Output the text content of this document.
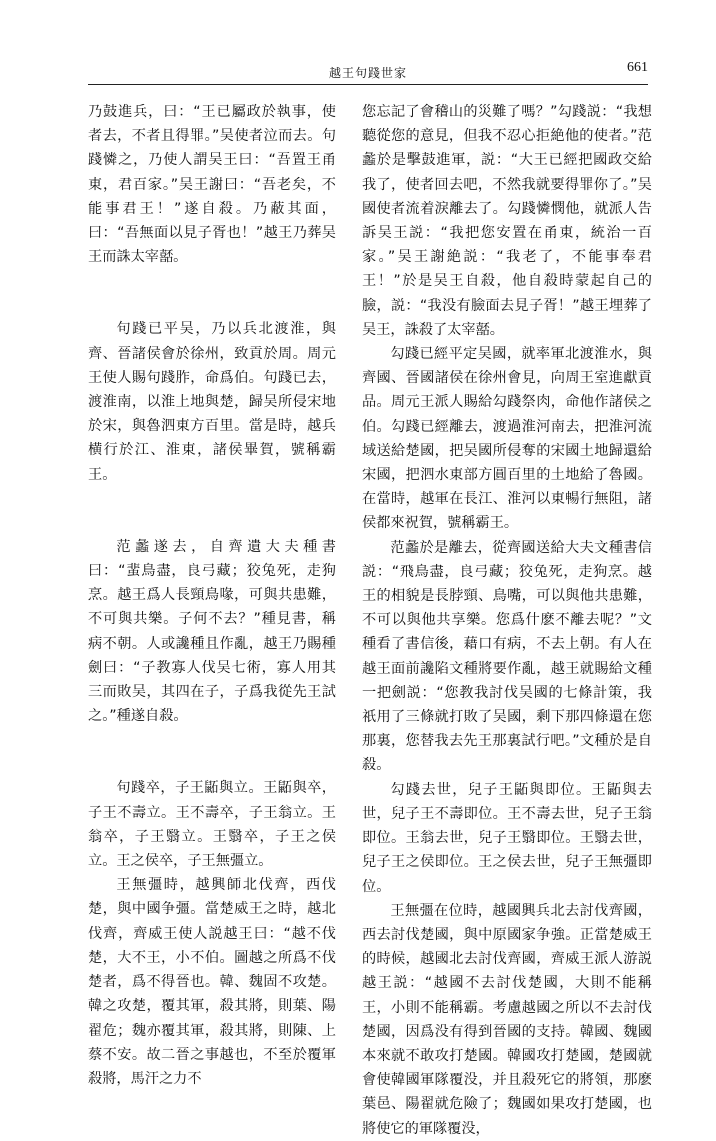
越王句踐世家	661

乃鼓進兵，曰：“王已屬政於執事，使者去，不者且得罪。”吴使者泣而去。句踐憐之，乃使人謂吴王曰：“吾置王甬東，君百家。”吴王謝曰：“吾老矣，不能事君王！”遂自殺。乃蔽其面，曰：“吾無面以見子胥也！”越王乃葬吴王而誅太宰嚭。

句踐已平吴，乃以兵北渡淮，與齊、晉諸侯會於徐州，致貢於周。周元王使人賜句踐胙，命爲伯。句踐已去，渡淮南，以淮上地與楚，歸吴所侵宋地於宋，與魯泗東方百里。當是時，越兵横行於江、淮東，諸侯畢賀，號稱霸王。

范蠡遂去，自齊遺大夫種書曰：“蜚鳥盡，良弓藏；狡兔死，走狗烹。越王爲人長頸鳥喙，可與共患難，不可與共樂。子何不去？”種見書，稱病不朝。人或讒種且作亂，越王乃賜種劍曰：“子教寡人伐吴七術，寡人用其三而敗吴，其四在子，子爲我從先王試之。”種遂自殺。

句踐卒，子王鼫與立。王鼫與卒，子王不壽立。王不壽卒，子王翁立。王翁卒，子王翳立。王翳卒，子王之侯立。王之侯卒，子王無彊立。

王無彊時，越興師北伐齊，西伐楚，與中國争彊。當楚威王之時，越北伐齊，齊威王使人説越王曰：“越不伐楚，大不王，小不伯。圖越之所爲不伐楚者，爲不得晉也。韓、魏固不攻楚。韓之攻楚，覆其軍，殺其將，則葉、陽翟危；魏亦覆其軍，殺其將，則陳、上蔡不安。故二晉之事越也，不至於覆軍殺將，馬汗之力不

您忘記了會稽山的災難了嗎？”勾踐説：“我想聽從您的意見，但我不忍心拒絶他的使者。”范蠡於是擊鼓進軍，説：“大王已經把國政交給我了，使者回去吧，不然我就要得罪你了。”吴國使者流着淚離去了。勾踐憐憫他，就派人告訴吴王説：“我把您安置在甬東，統治一百家。”吴王謝絶説：“我老了，不能事奉君王！”於是吴王自殺，他自殺時蒙起自己的臉，説：“我没有臉面去見子胥！”越王埋葬了吴王，誅殺了太宰嚭。

勾踐已經平定吴國，就率軍北渡淮水，與齊國、晉國諸侯在徐州會見，向周王室進獻貢品。周元王派人賜給勾踐祭肉，命他作諸侯之伯。勾踐已經離去，渡過淮河南去，把淮河流域送給楚國，把吴國所侵奪的宋國土地歸還給宋國，把泗水東部方圓百里的土地給了魯國。在當時，越軍在長江、淮河以東暢行無阻，諸侯都來祝賀，號稱霸王。

范蠡於是離去，從齊國送給大夫文種書信説：“飛鳥盡，良弓藏；狡兔死，走狗烹。越王的相貌是長脖頸、鳥嘴，可以與他共患難，不可以與他共享樂。您爲什麽不離去呢？”文種看了書信後，藉口有病，不去上朝。有人在越王面前讒陷文種將要作亂，越王就賜給文種一把劍説：“您教我討伐吴國的七條計策，我祇用了三條就打敗了吴國，剩下那四條還在您那裏，您替我去先王那裏試行吧。”文種於是自殺。

勾踐去世，兒子王鼫與即位。王鼫與去世，兒子王不壽即位。王不壽去世，兒子王翁即位。王翁去世，兒子王翳即位。王翳去世，兒子王之侯即位。王之侯去世，兒子王無彊即位。

王無彊在位時，越國興兵北去討伐齊國，西去討伐楚國，與中原國家争強。正當楚威王的時候，越國北去討伐齊國，齊威王派人游説越王説：“越國不去討伐楚國，大則不能稱王，小則不能稱霸。考慮越國之所以不去討伐楚國，因爲没有得到晉國的支持。韓國、魏國本來就不敢攻打楚國。韓國攻打楚國，楚國就會使韓國軍隊覆没，并且殺死它的將領，那麽葉邑、陽翟就危險了；魏國如果攻打楚國，也將使它的軍隊覆没，
